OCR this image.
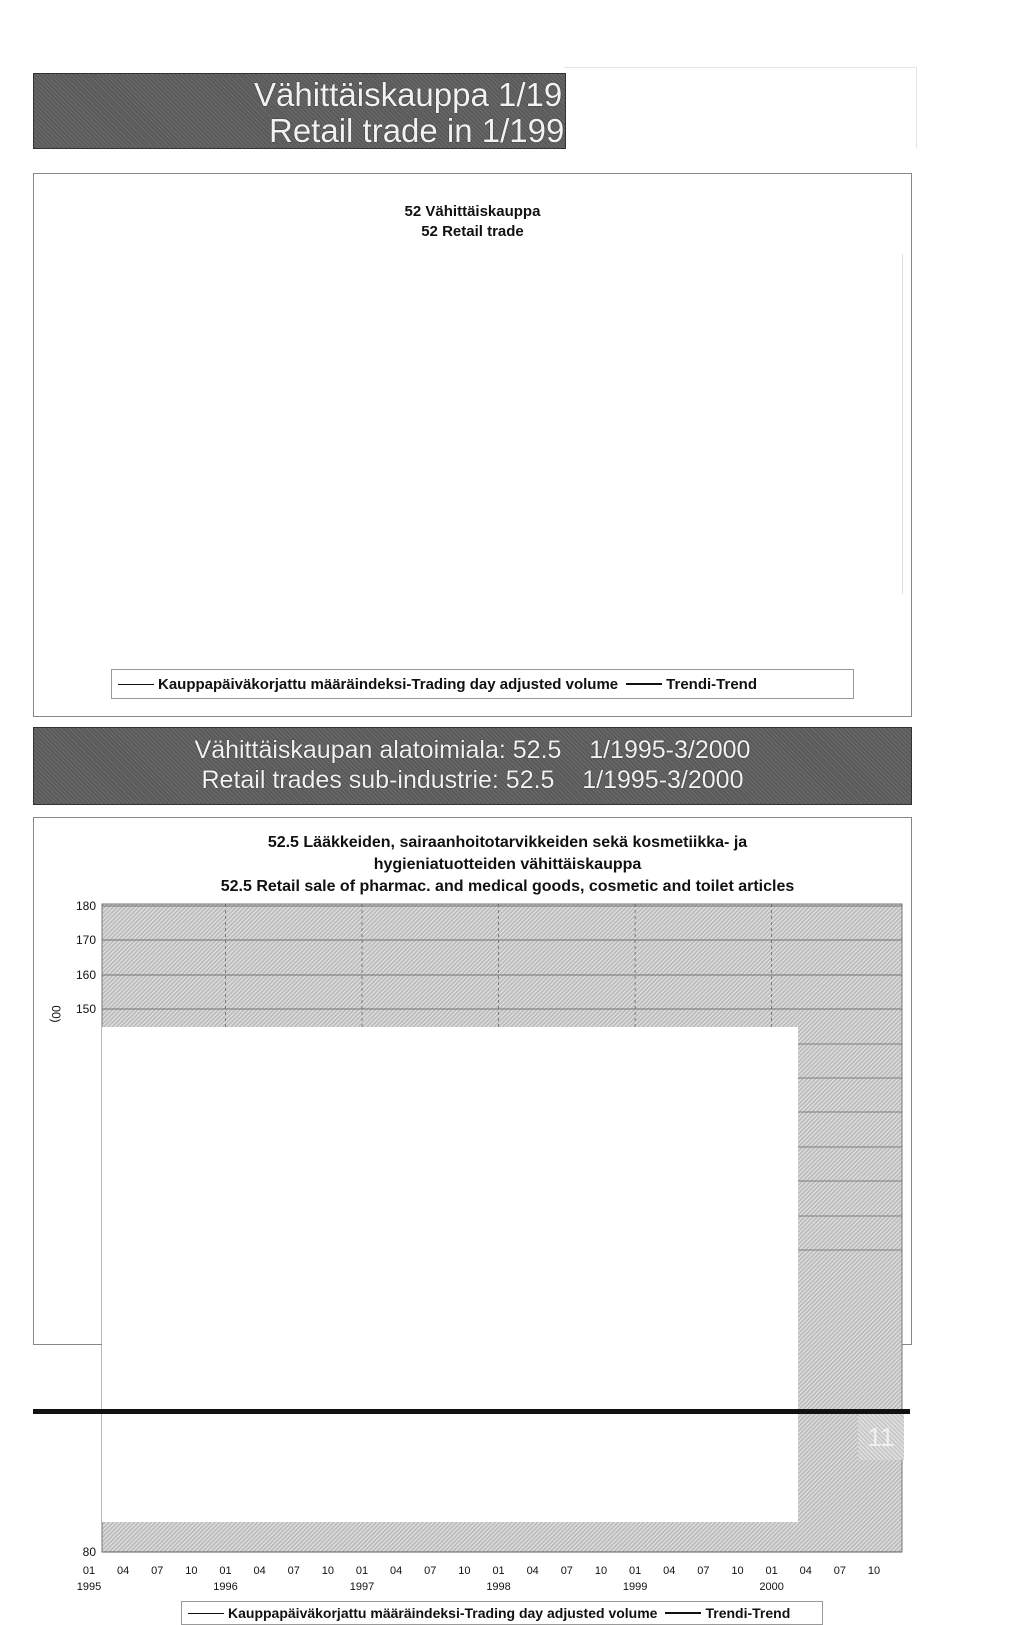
Vähittäiskauppa 1/19
Retail trade in 1/199
52 Vähittäiskauppa
52 Retail trade
Kauppapäiväkorjattu määräindeksi-Trading day adjusted volume	Trendi-Trend
Vähittäiskaupan alatoimiala: 52.5    1/1995-3/2000
Retail trades sub-industrie: 52.5    1/1995-3/2000
52.5 Lääkkeiden, sairaanhoitotarvikkeiden sekä kosmetiikka- ja
hygieniatuotteiden vähittäiskauppa
52.5 Retail sale of pharmac. and medical goods, cosmetic and toilet articles
80
150
160
170
180
01 04 07 10 01 04 07 10 01 04 07 10 01 04 07 10 01 04 07 10 01 04 07 10
1995	1996	1997	1998	1999	2000
00)
Kauppapäiväkorjattu määräindeksi-Trading day adjusted volume	Trendi-Trend
11
